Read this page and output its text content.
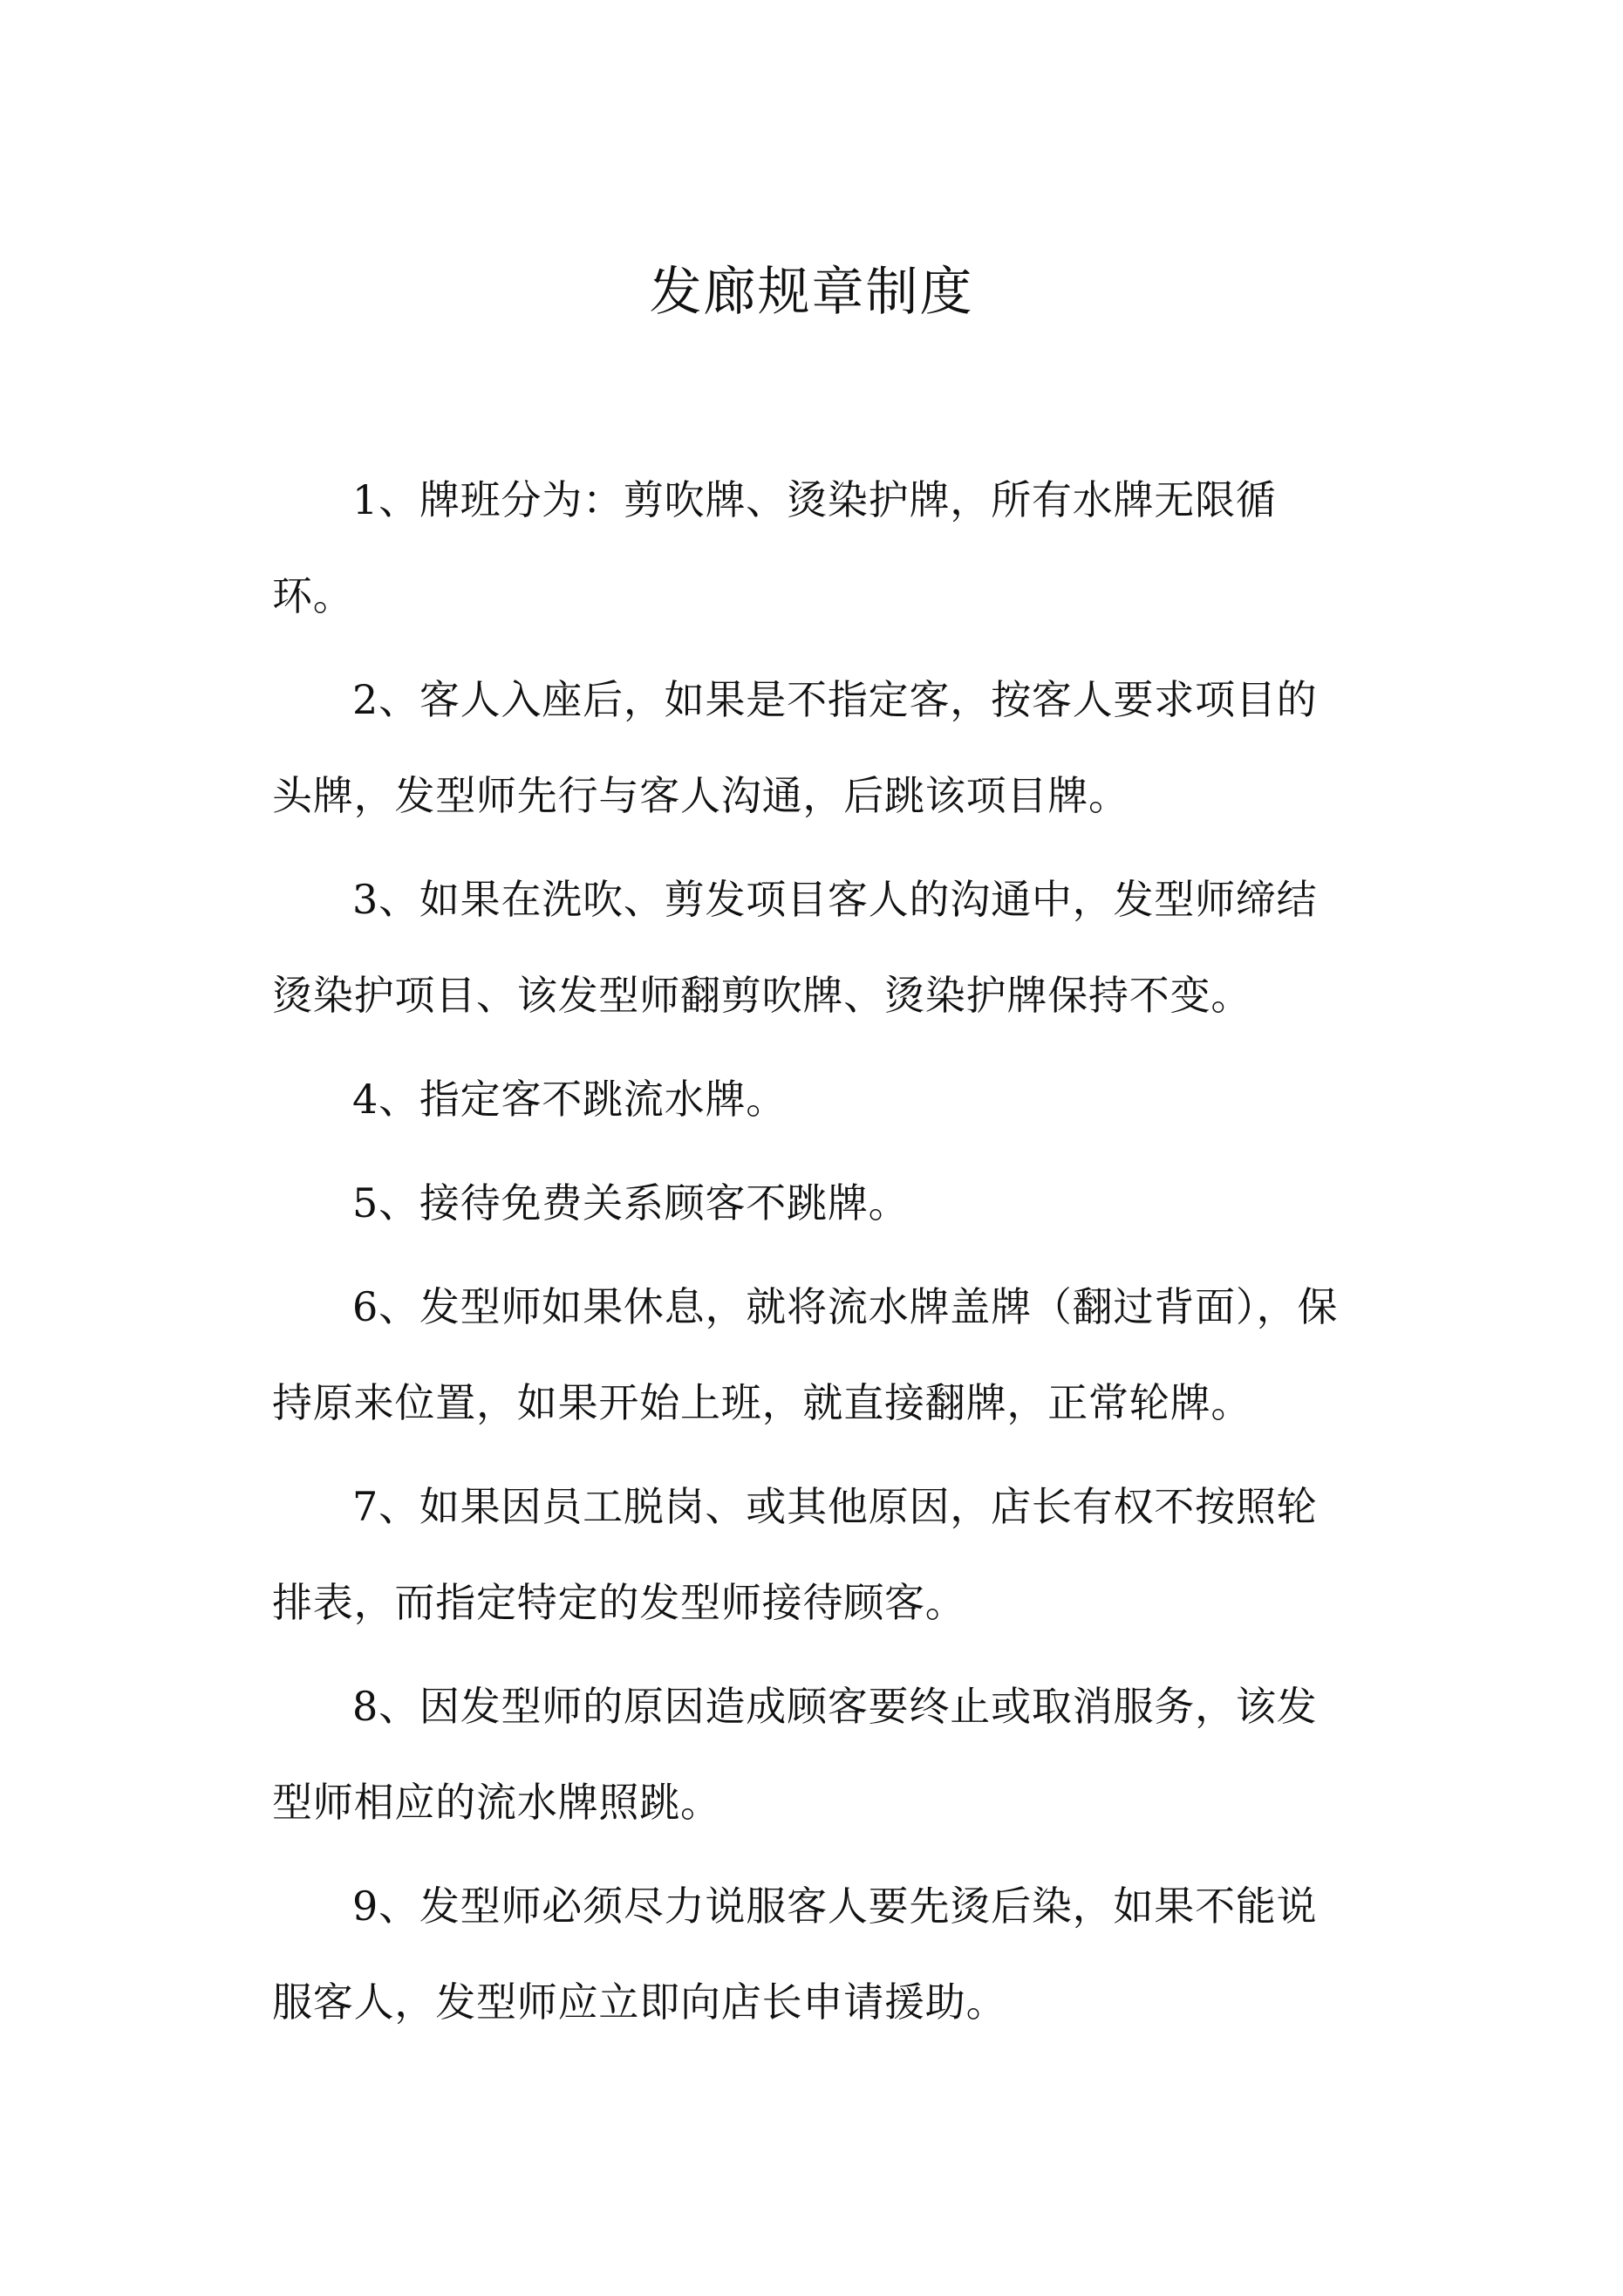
发廊规章制度

1、牌班分为：剪吹牌、烫染护牌，所有水牌无限循环。

2、客人入座后，如果是不指定客，按客人要求项目的头牌，发型师先行与客人沟通，后跳该项目牌。

3、如果在洗吹、剪发项目客人的沟通中，发型师缔结烫染护项目、该发型师翻剪吹牌、烫染护牌保持不变。

4、指定客不跳流水牌。

5、接待免费关系顾客不跳牌。

6、发型师如果休息，就将流水牌盖牌（翻过背面），保持原来位置，如果开始上班，就直接翻牌，正常轮牌。

7、如果因员工脱岗、或其他原因，店长有权不按照轮排表，而指定特定的发型师接待顾客。

8、因发型师的原因造成顾客要终止或取消服务，该发型师相应的流水牌照跳。

9、发型师必须尽力说服客人要先烫后染，如果不能说服客人，发型师应立即向店长申请援助。
